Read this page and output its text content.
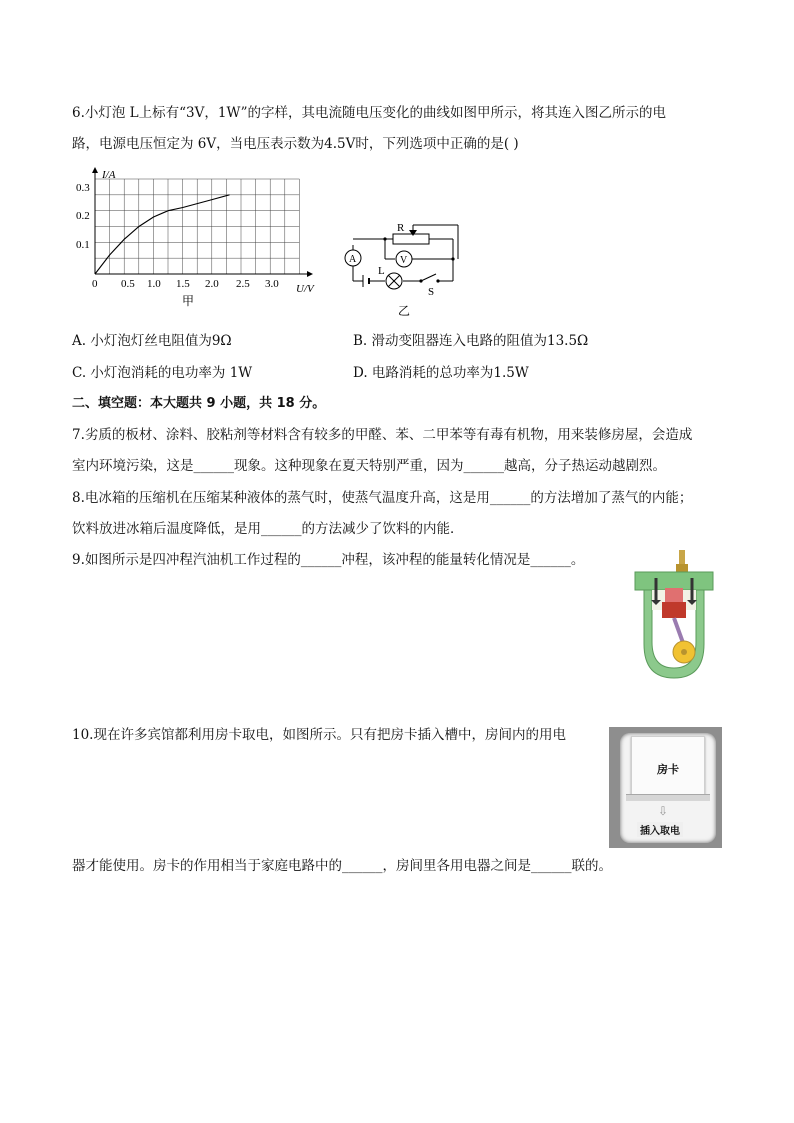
6.小灯泡 L上标有“3V，1W”的字样，其电流随电压变化的曲线如图甲所示，将其连入图乙所示的电
路，电源电压恒定为 6V，当电压表示数为4.5V时，下列选项中正确的是( )
I/A
U/V
0.3
0.2
0.1
0 0.5 1.0 1.5 2.0 2.5 3.0
甲
R
A	V
L
S
乙
A. 小灯泡灯丝电阻值为9Ω	B. 滑动变阻器连入电路的阻值为13.5Ω
C. 小灯泡消耗的电功率为 1W	D. 电路消耗的总功率为1.5W
二、填空题：本大题共 9 小题，共 18 分。
7.劣质的板材、涂料、胶粘剂等材料含有较多的甲醛、苯、二甲苯等有毒有机物，用来装修房屋，会造成
室内环境污染，这是______现象。这种现象在夏天特别严重，因为______越高，分子热运动越剧烈。
8.电冰箱的压缩机在压缩某种液体的蒸气时，使蒸气温度升高，这是用______的方法增加了蒸气的内能；
饮料放进冰箱后温度降低，是用______的方法减少了饮料的内能．
9.如图所示是四冲程汽油机工作过程的______冲程，该冲程的能量转化情况是______。
10.现在许多宾馆都利用房卡取电，如图所示。只有把房卡插入槽中，房间内的用电
房卡
⇩
插入取电
器才能使用。房卡的作用相当于家庭电路中的______，房间里各用电器之间是______联的。
